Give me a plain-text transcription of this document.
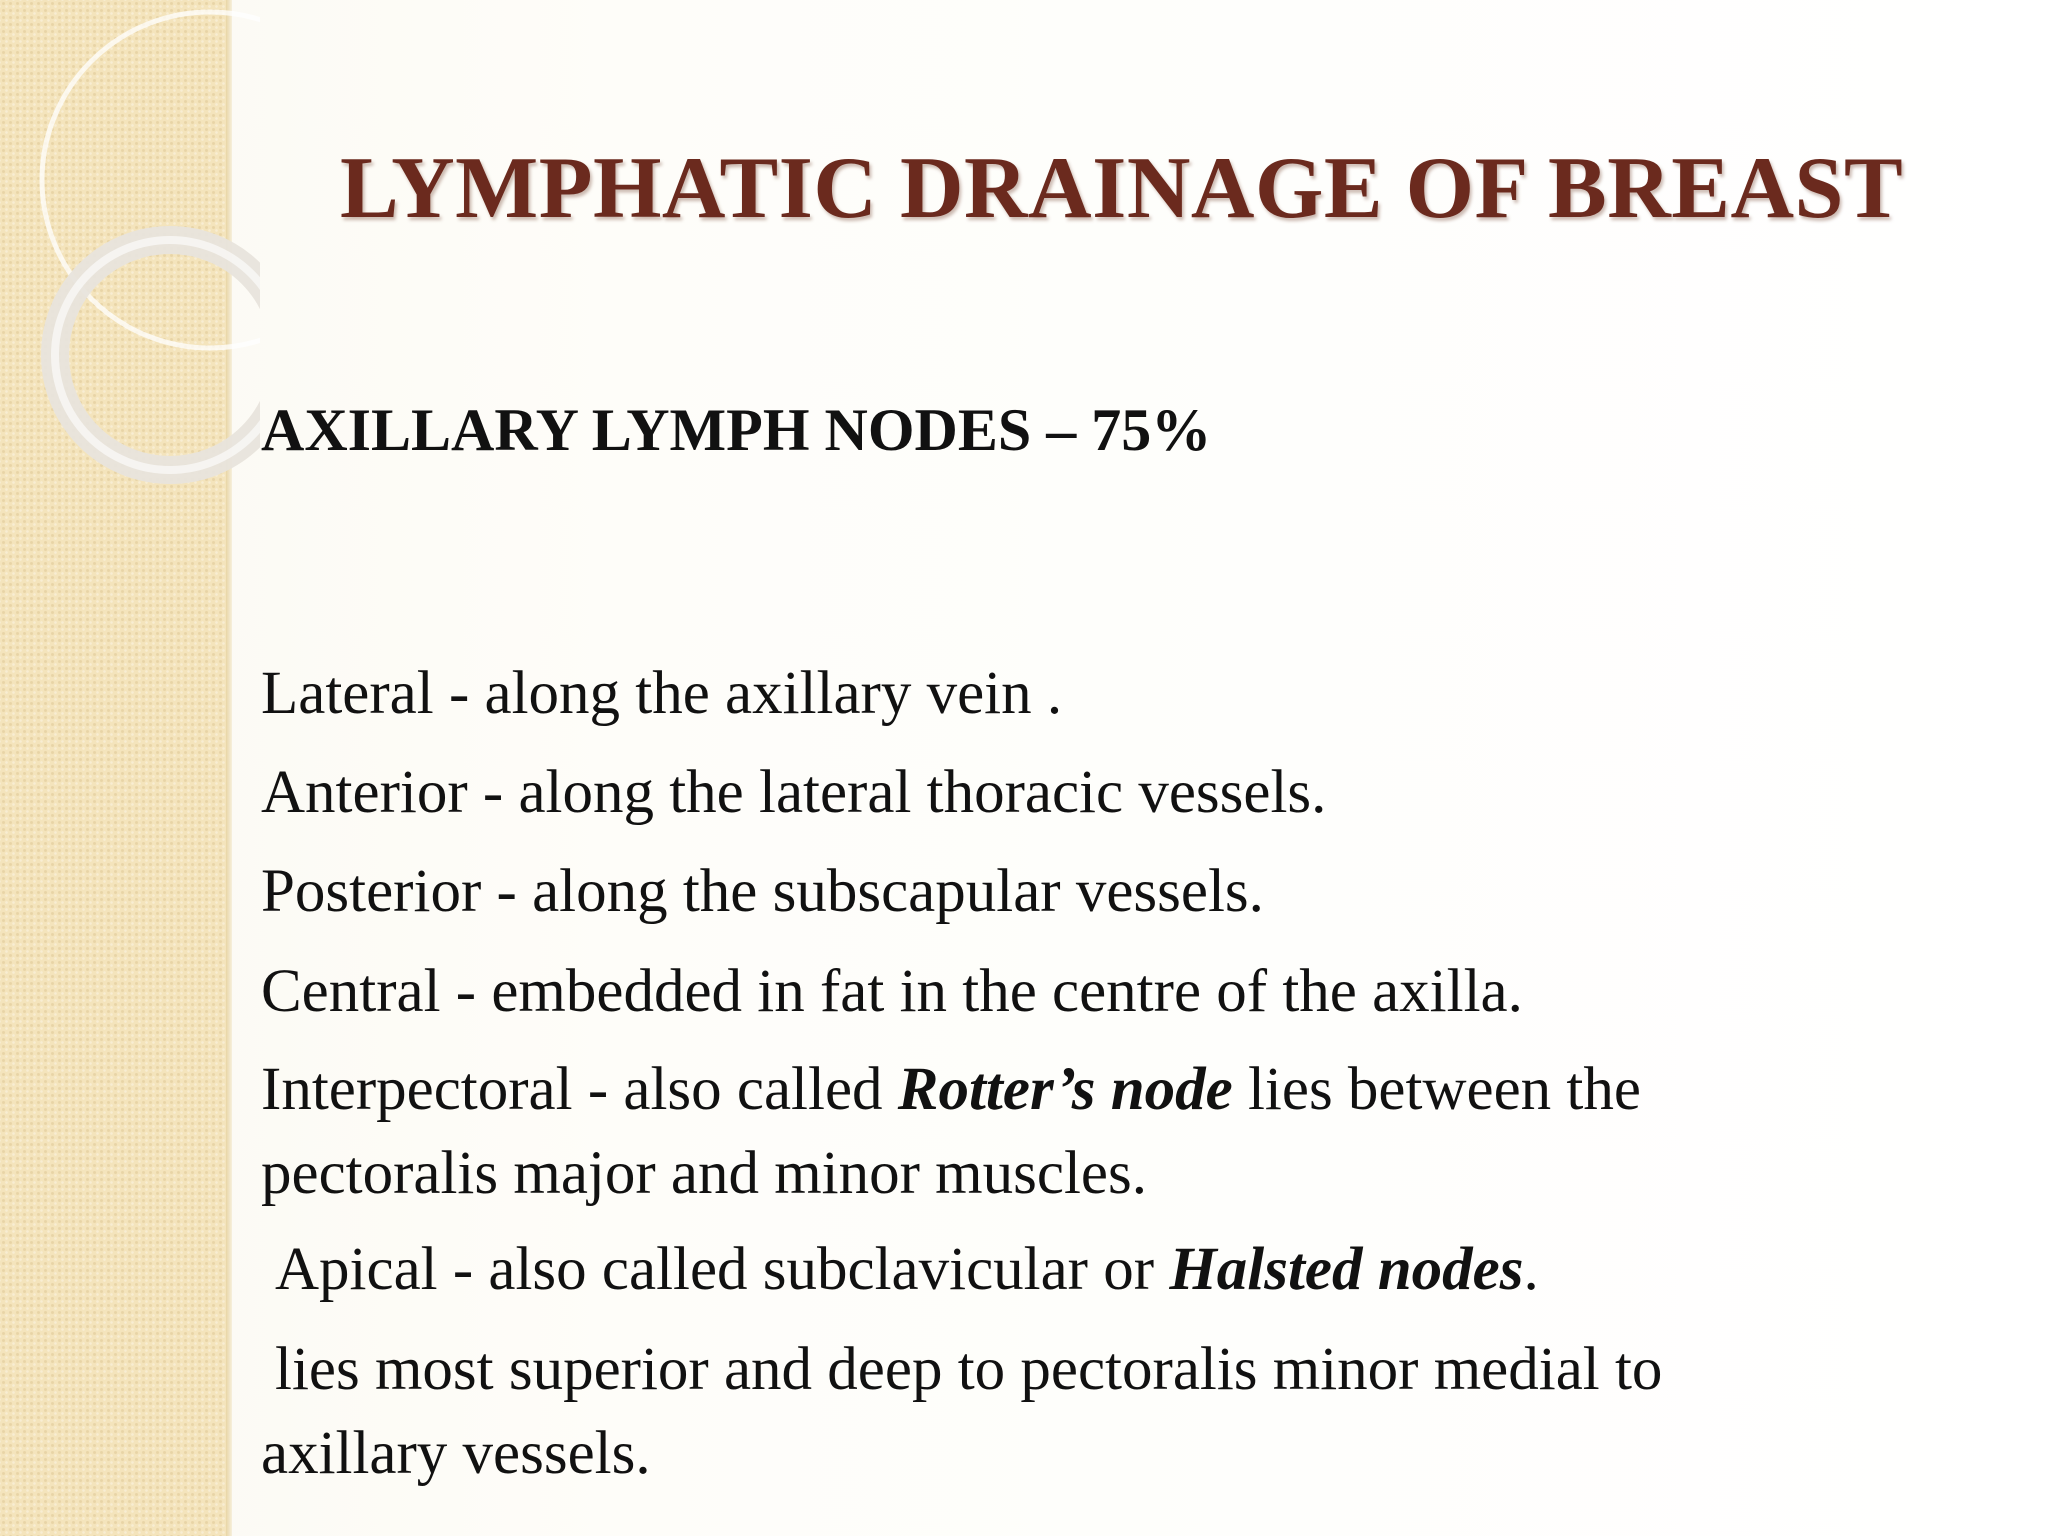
LYMPHATIC DRAINAGE OF BREAST

AXILLARY LYMPH NODES – 75%

Lateral - along the axillary vein .
Anterior - along the lateral thoracic vessels.
Posterior - along the subscapular vessels.
Central - embedded in fat in the centre of the axilla.
Interpectoral - also called Rotter’s node lies between the
pectoralis major and minor muscles.
Apical - also called subclavicular or Halsted nodes.
lies most superior and deep to pectoralis minor medial to
axillary vessels.
